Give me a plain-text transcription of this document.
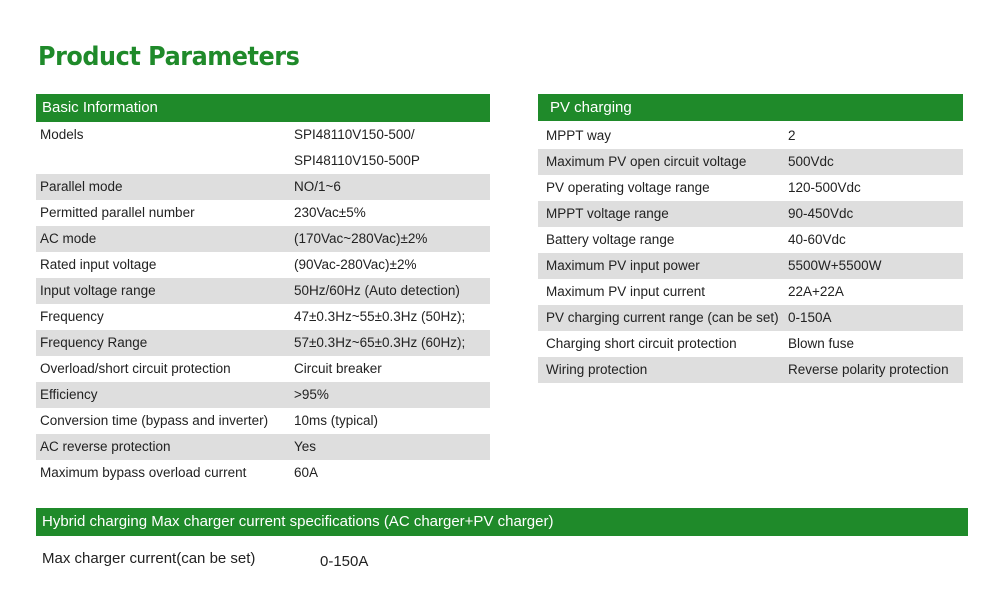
Product Parameters
Basic Information
Models	SPI48110V150-500/
SPI48110V150-500P
Parallel mode	NO/1~6
Permitted parallel number	230Vac±5%
AC mode	(170Vac~280Vac)±2%
Rated input voltage	(90Vac-280Vac)±2%
Input voltage range	50Hz/60Hz (Auto detection)
Frequency	47±0.3Hz~55±0.3Hz (50Hz);
Frequency Range	57±0.3Hz~65±0.3Hz (60Hz);
Overload/short circuit protection	Circuit breaker
Efficiency	>95%
Conversion time (bypass and inverter)	10ms (typical)
AC reverse protection	Yes
Maximum bypass overload current	60A
PV charging
MPPT way	2
Maximum PV open circuit voltage	500Vdc
PV operating voltage range	120-500Vdc
MPPT voltage range	90-450Vdc
Battery voltage range	40-60Vdc
Maximum PV input power	5500W+5500W
Maximum PV input current	22A+22A
PV charging current range (can be set) 0-150A
Charging short circuit protection	Blown fuse
Wiring protection	Reverse polarity protection
Hybrid charging Max charger current specifications (AC charger+PV charger)
Max charger current(can be set)	0-150A
